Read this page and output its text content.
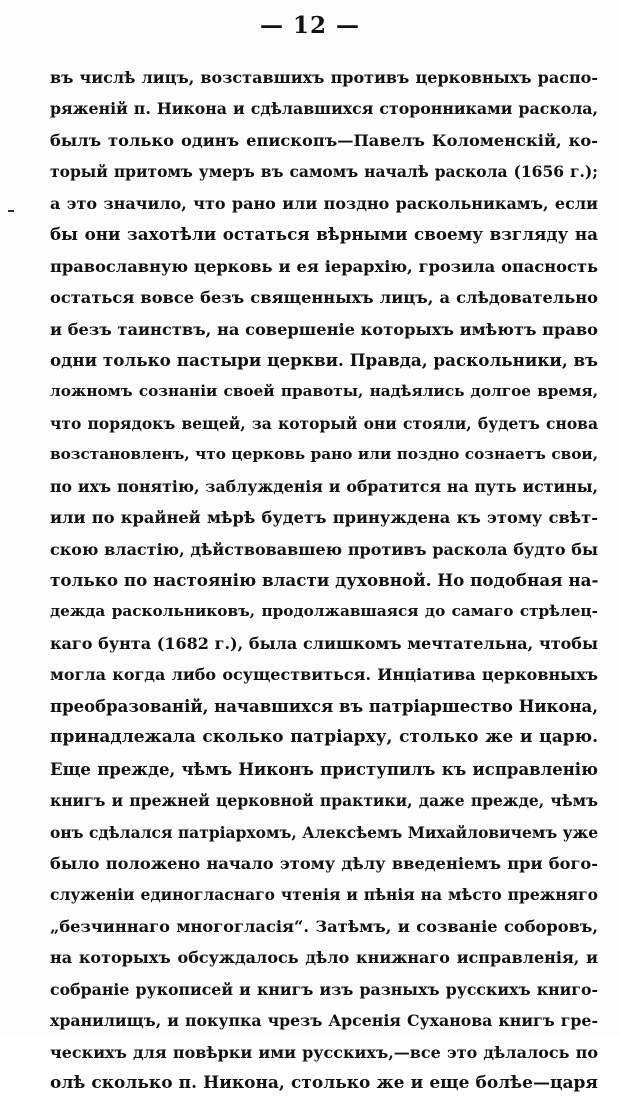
— 12 —
въ числѣ лицъ, возставшихъ противъ церковныхъ распо-
ряженій п. Никона и сдѣлавшихся сторонниками раскола,
былъ только одинъ епископъ—Павелъ Коломенскій, ко-
торый притомъ умеръ въ самомъ началѣ раскола (1656 г.);
а это значило, что рано или поздно раскольникамъ, если
бы они захотѣли остаться вѣрными своему взгляду на
православную церковь и ея іерархію, грозила опасность
остаться вовсе безъ священныхъ лицъ, а слѣдовательно
и безъ таинствъ, на совершеніе которыхъ имѣютъ право
одни только пастыри церкви. Правда, раскольники, въ
ложномъ сознаніи своей правоты, надѣялись долгое время,
что порядокъ вещей, за который они стояли, будетъ снова
возстановленъ, что церковь рано или поздно сознаетъ свои,
по ихъ понятію, заблужденія и обратится на путь истины,
или по крайней мѣрѣ будетъ принуждена къ этому свѣт-
скою властію, дѣйствовавшею противъ раскола будто бы
только по настоянію власти духовной. Но подобная на-
дежда раскольниковъ, продолжавшаяся до самаго стрѣлец-
каго бунта (1682 г.), была слишкомъ мечтательна, чтобы
могла когда либо осуществиться. Инціатива церковныхъ
преобразованій, начавшихся въ патріаршество Никона,
принадлежала сколько патріарху, столько же и царю.
Еще прежде, чѣмъ Никонъ приступилъ къ исправленію
книгъ и прежней церковной практики, даже прежде, чѣмъ
онъ сдѣлался патріархомъ, Алексѣемъ Михайловичемъ уже
было положено начало этому дѣлу введеніемъ при богo-
служеніи единогласнаго чтенія и пѣнія на мѣсто прежняго
„безчиннаго многогласія“. Затѣмъ, и созваніе соборовъ,
на которыхъ обсуждалось дѣло книжнаго исправленія, и
собраніе рукописей и книгъ изъ разныхъ русскихъ книго-
хранилищъ, и покупка чрезъ Арсенія Суханова книгъ гре-
ческихъ для повѣрки ими русскихъ,—все это дѣлалось по
олѣ сколько п. Никона, столько же и еще болѣе—царя
